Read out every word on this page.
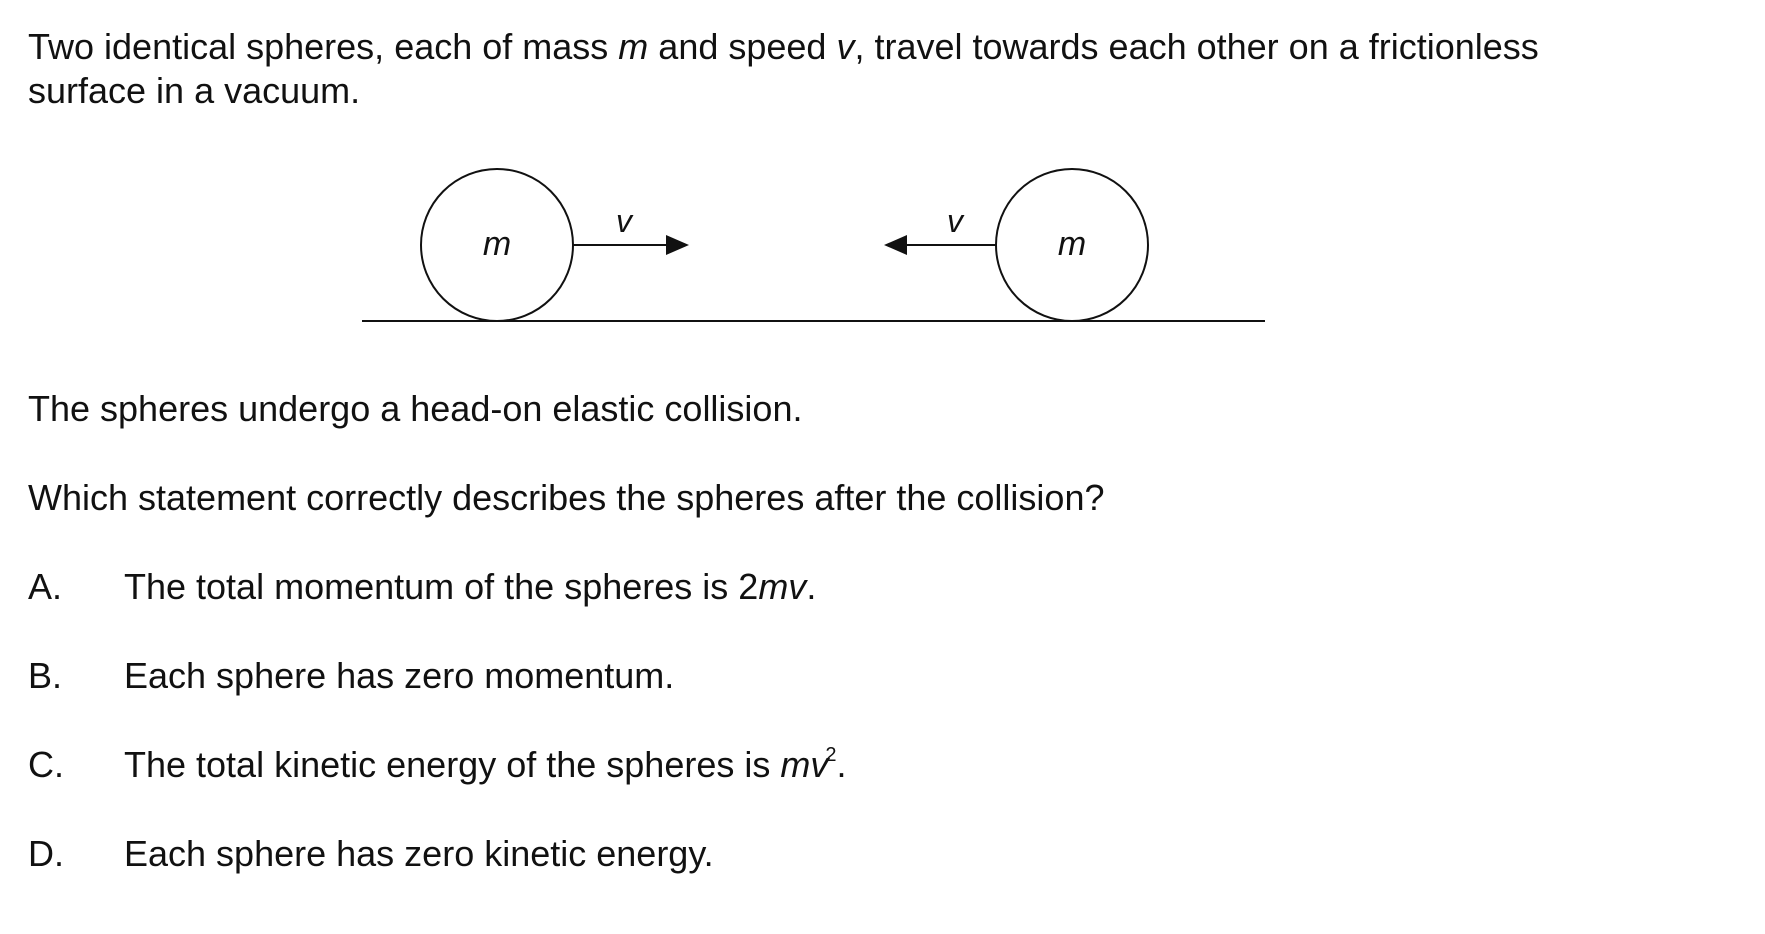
Two identical spheres, each of mass m and speed v, travel towards each other on a frictionless
surface in a vacuum.
m	m
v	v
The spheres undergo a head-on elastic collision.
Which statement correctly describes the spheres after the collision?
A. The total momentum of the spheres is 2mv.
B. Each sphere has zero momentum.
C. The total kinetic energy of the spheres is $mv^2$.
D. Each sphere has zero kinetic energy.
